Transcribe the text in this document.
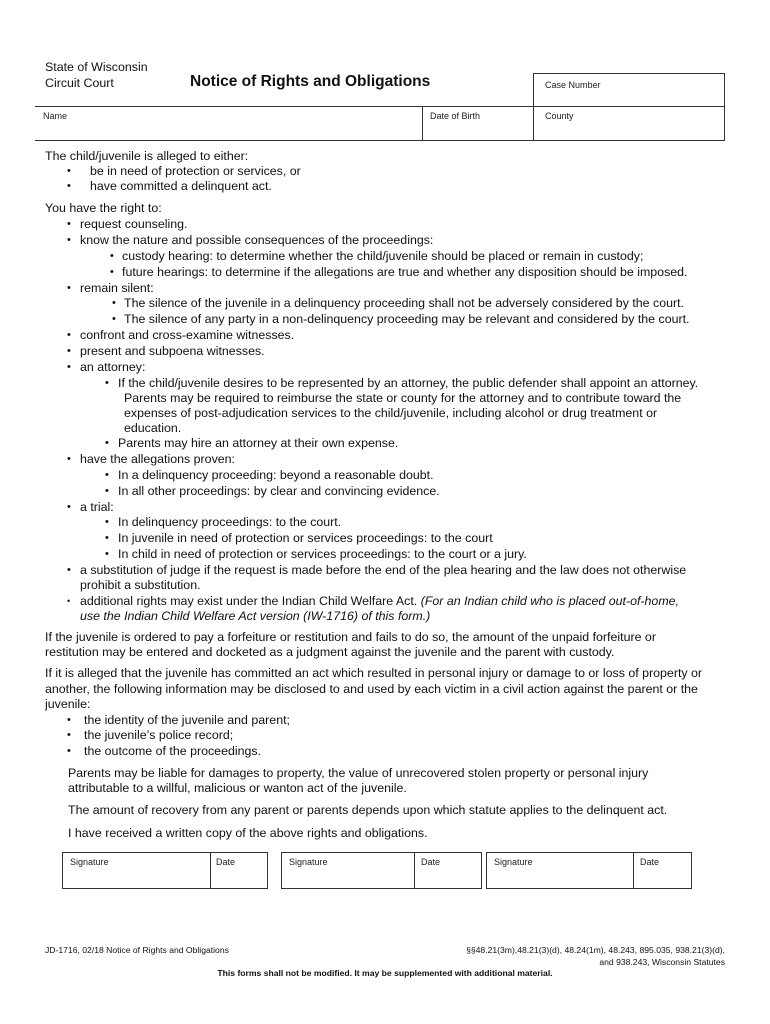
State of Wisconsin
Circuit Court	Notice of Rights and Obligations	Case Number
Name	Date of Birth	County
The child/juvenile is alleged to either:
• be in need of protection or services, or
• have committed a delinquent act.
You have the right to:
• request counseling.
• know the nature and possible consequences of the proceedings:
• custody hearing: to determine whether the child/juvenile should be placed or remain in custody;
• future hearings: to determine if the allegations are true and whether any disposition should be imposed.
• remain silent:
• The silence of the juvenile in a delinquency proceeding shall not be adversely considered by the court.
• The silence of any party in a non-delinquency proceeding may be relevant and considered by the court.
• confront and cross-examine witnesses.
• present and subpoena witnesses.
• an attorney:
• If the child/juvenile desires to be represented by an attorney, the public defender shall appoint an attorney.
Parents may be required to reimburse the state or county for the attorney and to contribute toward the
expenses of post-adjudication services to the child/juvenile, including alcohol or drug treatment or
education.
• Parents may hire an attorney at their own expense.
• have the allegations proven:
• In a delinquency proceeding: beyond a reasonable doubt.
• In all other proceedings: by clear and convincing evidence.
• a trial:
• In delinquency proceedings: to the court.
• In juvenile in need of protection or services proceedings: to the court
• In child in need of protection or services proceedings: to the court or a jury.
• a substitution of judge if the request is made before the end of the plea hearing and the law does not otherwise
prohibit a substitution.
• additional rights may exist under the Indian Child Welfare Act. (For an Indian child who is placed out-of-home,
use the Indian Child Welfare Act version (IW-1716) of this form.)
If the juvenile is ordered to pay a forfeiture or restitution and fails to do so, the amount of the unpaid forfeiture or
restitution may be entered and docketed as a judgment against the juvenile and the parent with custody.
If it is alleged that the juvenile has committed an act which resulted in personal injury or damage to or loss of property or
another, the following information may be disclosed to and used by each victim in a civil action against the parent or the
juvenile:
• the identity of the juvenile and parent;
• the juvenile’s police record;
• the outcome of the proceedings.
Parents may be liable for damages to property, the value of unrecovered stolen property or personal injury
attributable to a willful, malicious or wanton act of the juvenile.
The amount of recovery from any parent or parents depends upon which statute applies to the delinquent act.
I have received a written copy of the above rights and obligations.
Signature	Date	Signature	Date	Signature	Date
JD-1716, 02/18 Notice of Rights and Obligations	§§48.21(3m),48.21(3)(d), 48.24(1m), 48.243, 895.035, 938.21(3)(d),
and 938.243, Wisconsin Statutes
This forms shall not be modified. It may be supplemented with additional material.
